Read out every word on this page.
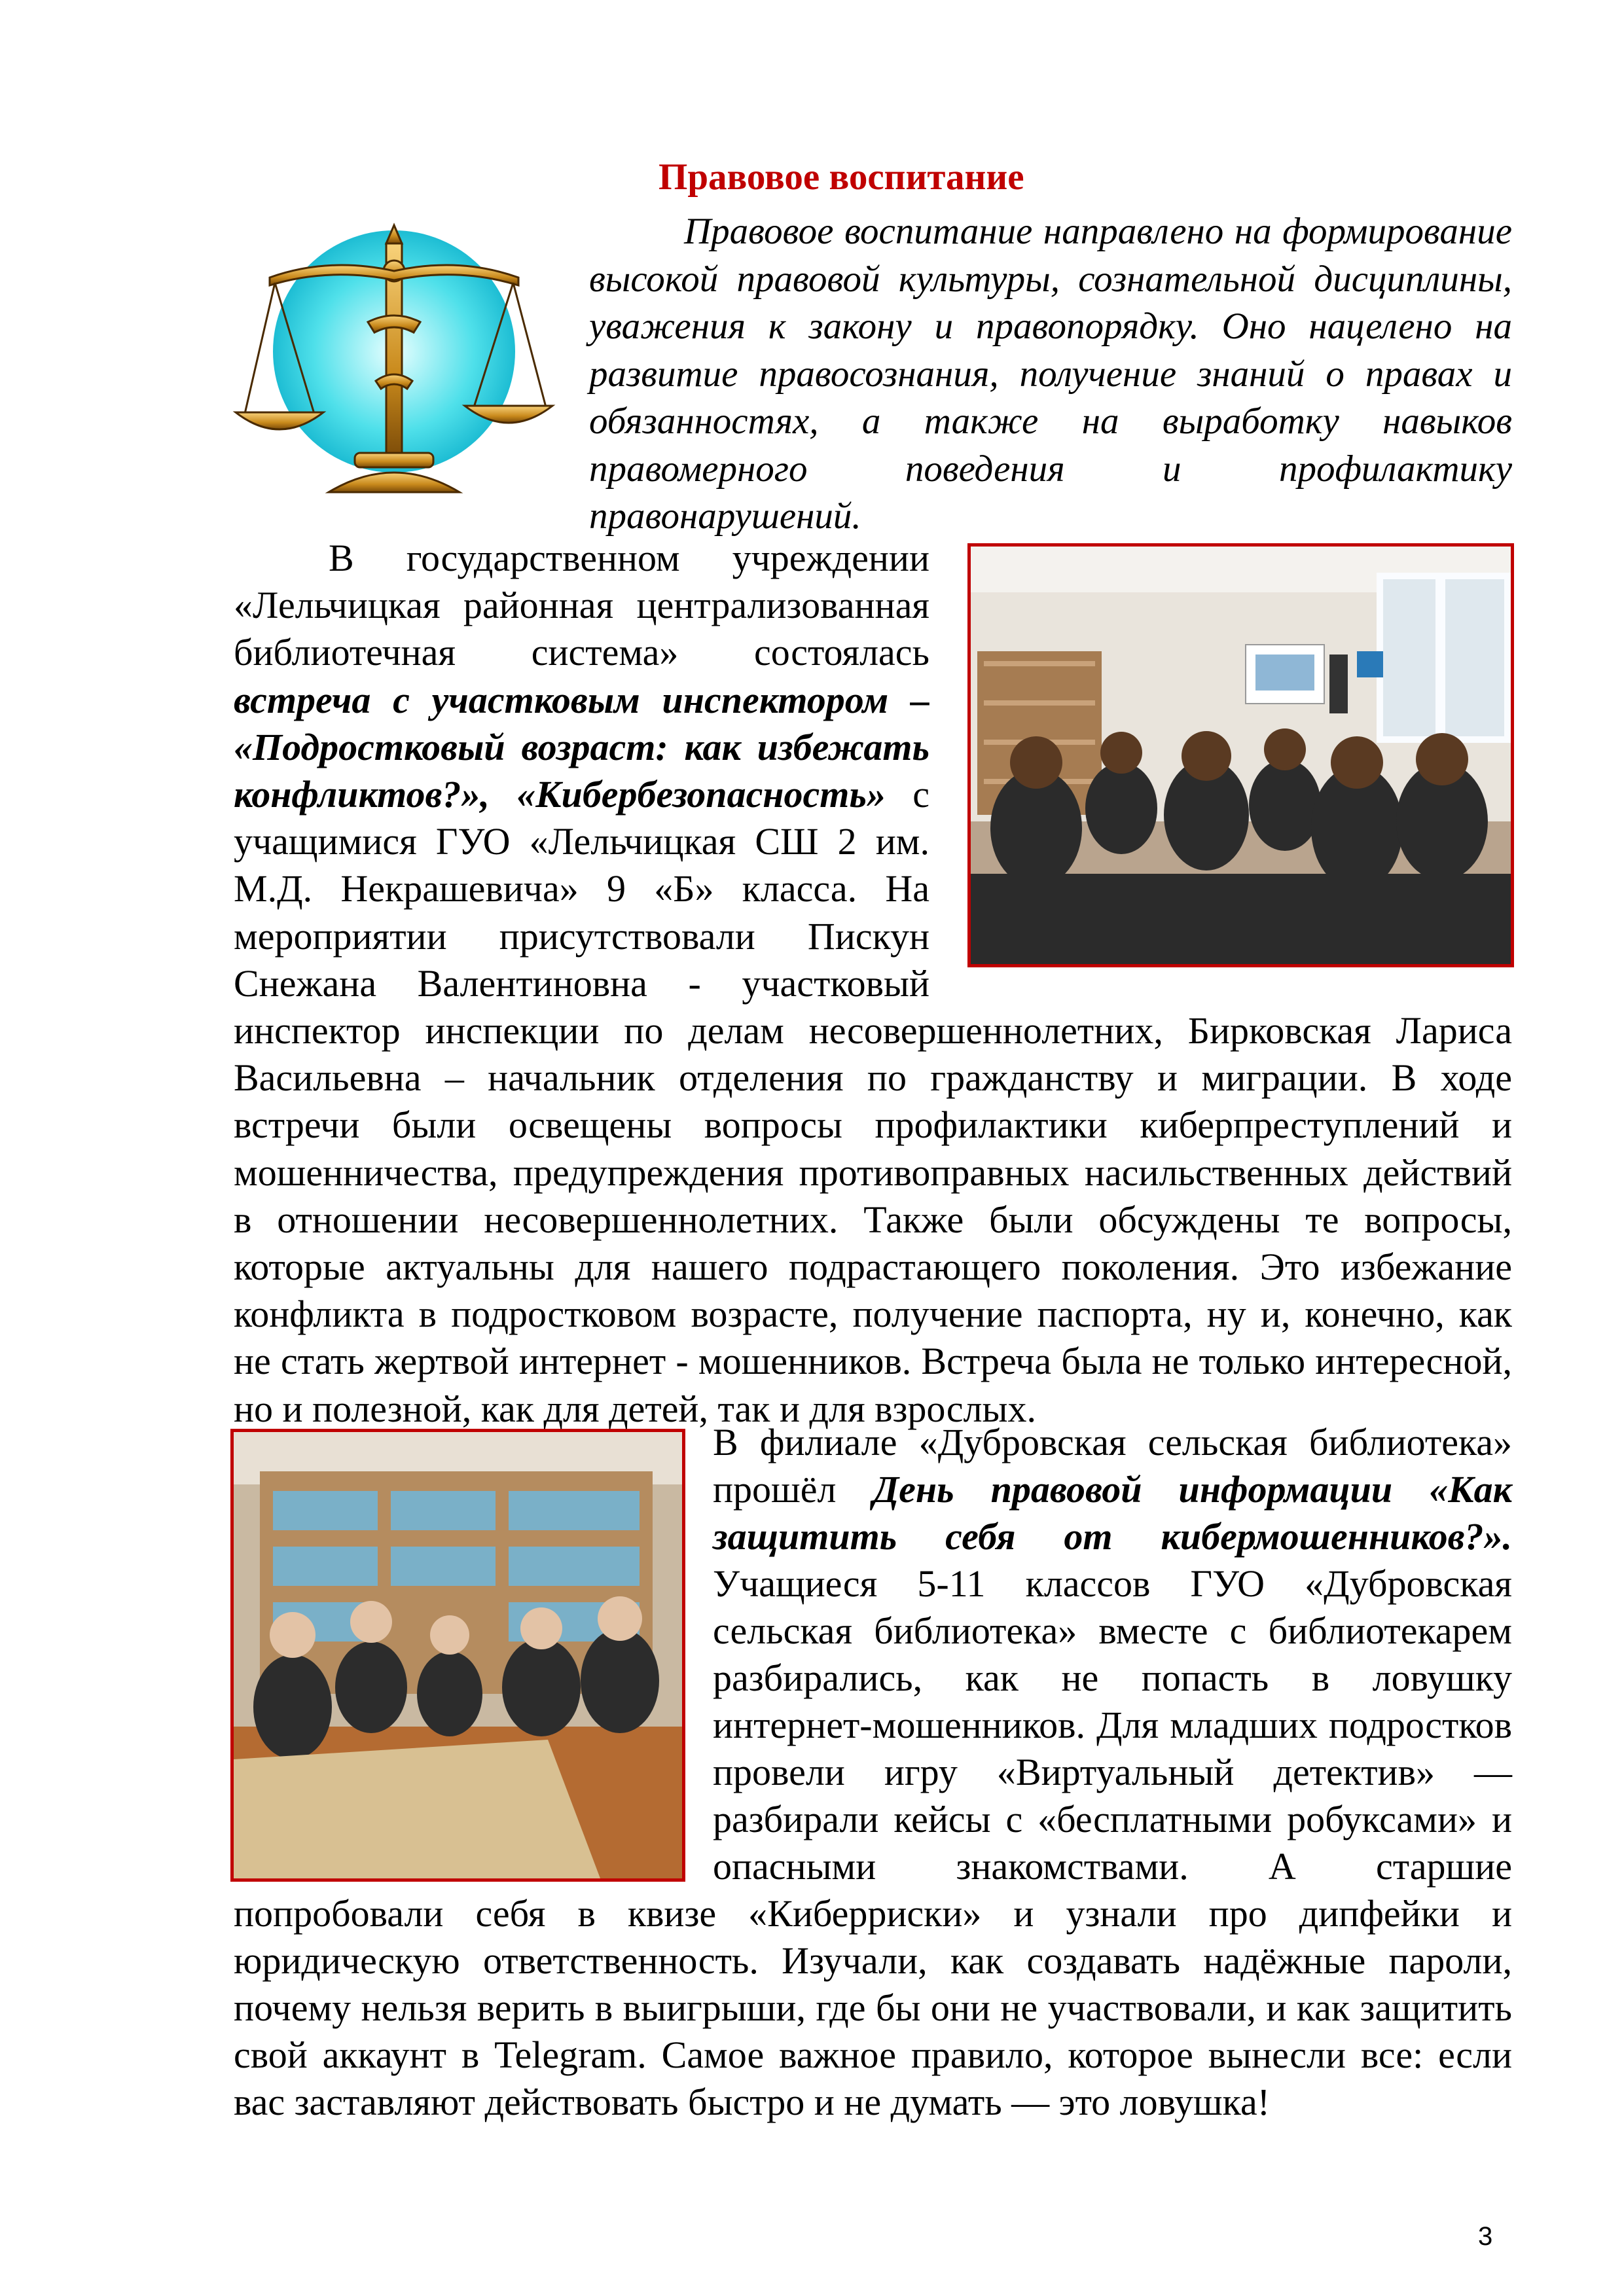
Правовое воспитание
Правовое воспитание направлено на формирование высокой правовой культуры, сознательной дисциплины, уважения к закону и правопорядку. Оно нацелено на развитие правосознания, получение знаний о правах и обязанностях, а также на выработку навыков правомерного поведения и профилактику правонарушений.
В государственном учреждении «Лельчицкая районная централизованная библиотечная система» состоялась встреча с участковым инспектором – «Подростковый возраст: как избежать конфликтов?», «Кибербезопасность» с учащимися ГУО «Лельчицкая СШ 2 им. М.Д. Некрашевича» 9 «Б» класса. На мероприятии присутствовали Пискун Снежана Валентиновна - участковый инспектор инспекции по делам несовершеннолетних, Бирковская Лариса Васильевна – начальник отделения по гражданству и миграции. В ходе встречи были освещены вопросы профилактики киберпреступлений и мошенничества, предупреждения противоправных насильственных действий в отношении несовершеннолетних. Также были обсуждены те вопросы, которые актуальны для нашего подрастающего поколения. Это избежание конфликта в подростковом возрасте, получение паспорта, ну и, конечно, как не стать жертвой интернет - мошенников. Встреча была не только интересной, но и полезной, как для детей, так и для взрослых.
В филиале «Дубровская сельская библиотека» прошёл День правовой информации «Как защитить себя от кибермошенников?». Учащиеся 5-11 классов ГУО «Дубровская сельская библиотека» вместе с библиотекарем разбирались, как не попасть в ловушку интернет-мошенников. Для младших подростков провели игру «Виртуальный детектив» — разбирали кейсы с «бесплатными робуксами» и опасными знакомствами. А старшие попробовали себя в квизе «Киберриски» и узнали про дипфейки и юридическую ответственность. Изучали, как создавать надёжные пароли, почему нельзя верить в выигрыши, где бы они не участвовали, и как защитить свой аккаунт в Telegram. Самое важное правило, которое вынесли все: если вас заставляют действовать быстро и не думать — это ловушка!
3
